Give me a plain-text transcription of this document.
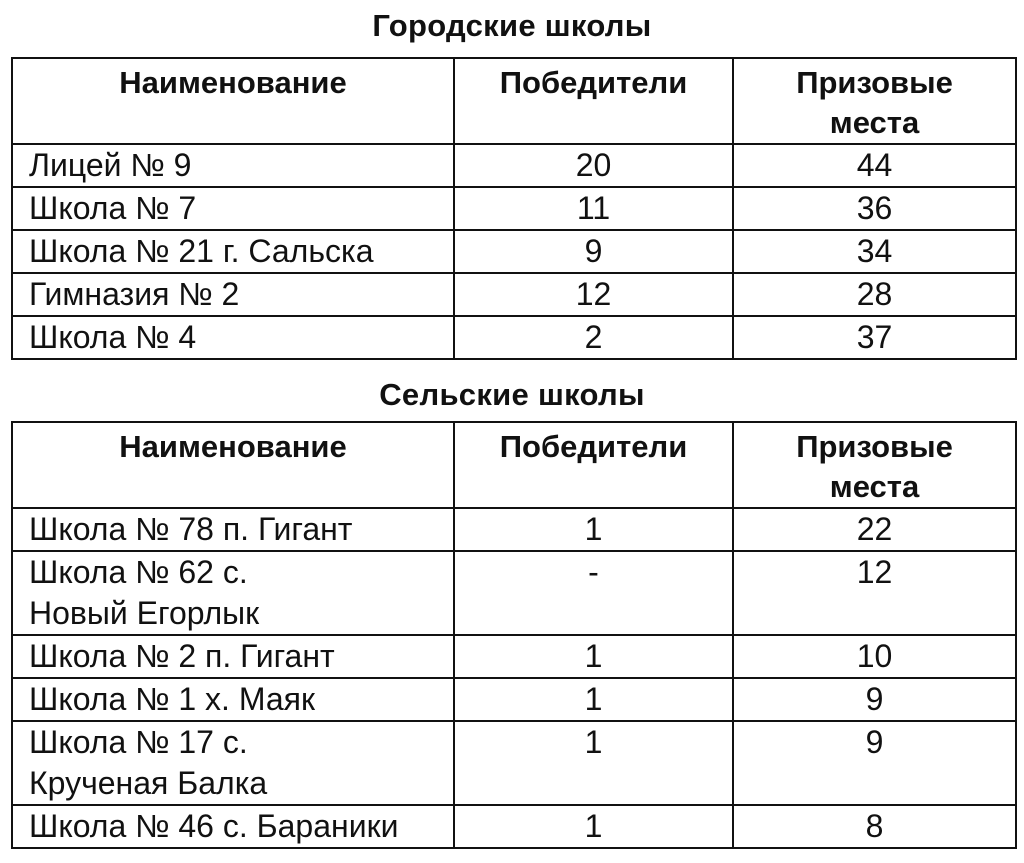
Городские школы
Наименование	Победители	Призовые места
Лицей № 9	20	44
Школа № 7	11	36
Школа № 21 г. Сальска	9	34
Гимназия № 2	12	28
Школа № 4	2	37
Сельские школы
Наименование	Победители	Призовые места
Школа № 78 п. Гигант	1	22
Школа № 62 с. Новый Егорлык	-	12
Школа № 2 п. Гигант	1	10
Школа № 1 х. Маяк	1	9
Школа № 17 с. Крученая Балка	1	9
Школа № 46 с. Бараники	1	8
